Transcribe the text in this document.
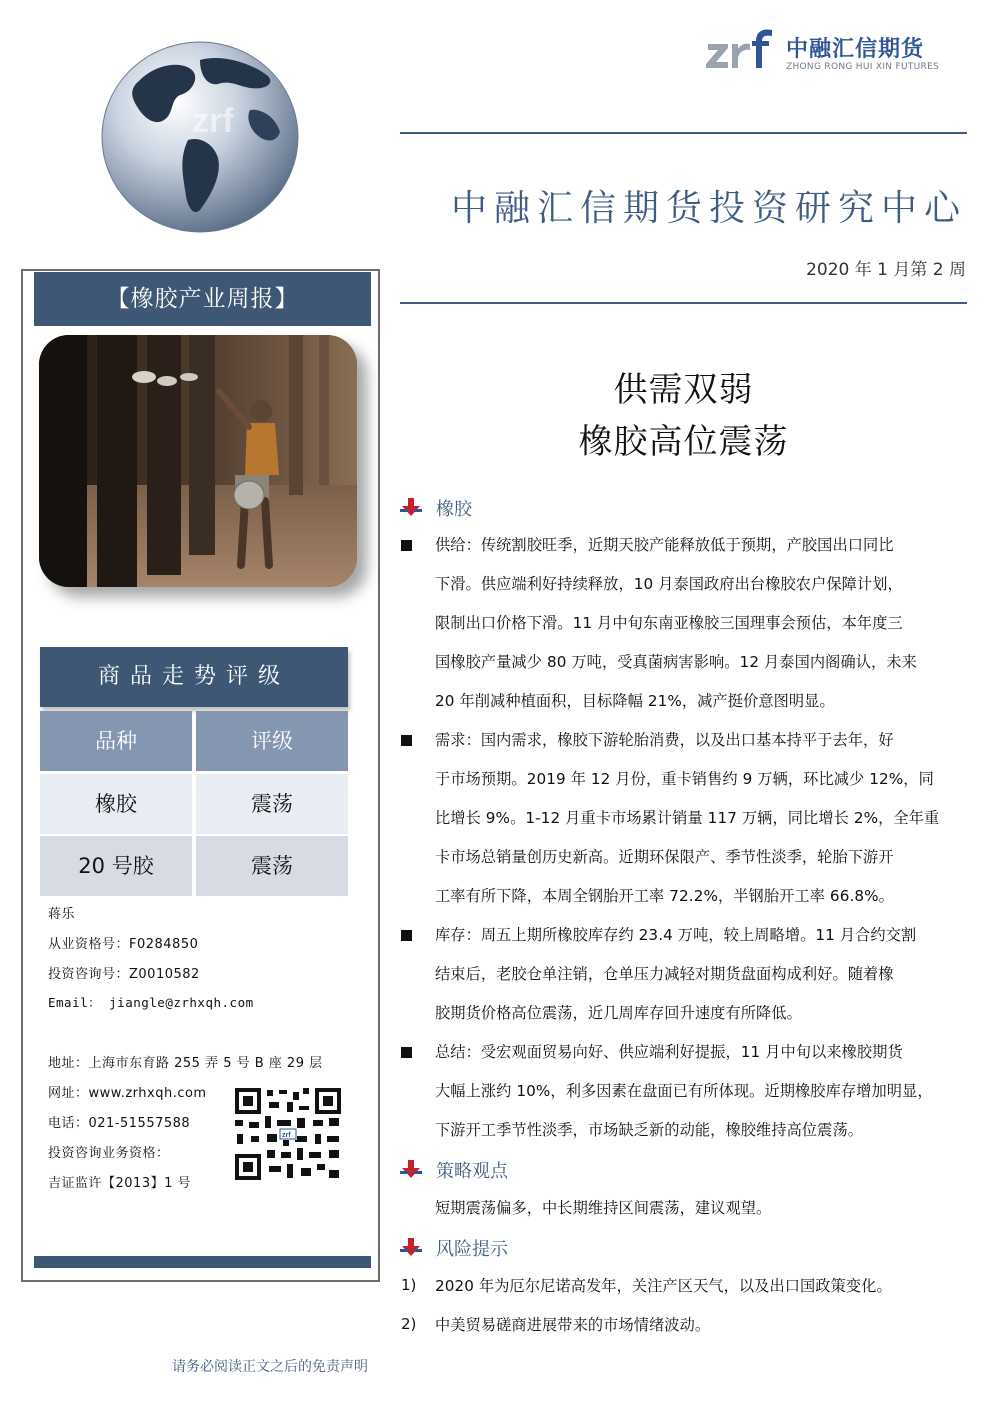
zrf
中融汇信期货
ZHONG RONG HUI XIN FUTURES
中融汇信期货投资研究中心
2020 年 1 月第 2 周
供需双弱
橡胶高位震荡
【橡胶产业周报】
商品走势评级
品种	评级
橡胶	震荡
20 号胶	震荡
蒋乐
从业资格号：F0284850
投资咨询号：Z0010582
Email： jiangle@zrhxqh.com
地址：上海市东育路 255 弄 5 号 B 座 29 层
网址：www.zrhxqh.com
电话：021-51557588
投资咨询业务资格：
吉证监许【2013】1 号
zrf
请务必阅读正文之后的免责声明
橡胶
供给：传统割胶旺季，近期天胶产能释放低于预期，产胶国出口同比
下滑。供应端利好持续释放，10 月泰国政府出台橡胶农户保障计划，
限制出口价格下滑。11 月中旬东南亚橡胶三国理事会预估，本年度三
国橡胶产量减少 80 万吨，受真菌病害影响。12 月泰国内阁确认，未来
20 年削减种植面积，目标降幅 21%，减产挺价意图明显。
需求：国内需求，橡胶下游轮胎消费，以及出口基本持平于去年，好
于市场预期。2019 年 12 月份，重卡销售约 9 万辆，环比减少 12%，同
比增长 9%。1-12 月重卡市场累计销量 117 万辆，同比增长 2%，全年重
卡市场总销量创历史新高。近期环保限产、季节性淡季，轮胎下游开
工率有所下降，本周全钢胎开工率 72.2%，半钢胎开工率 66.8%。
库存：周五上期所橡胶库存约 23.4 万吨，较上周略增。11 月合约交割
结束后，老胶仓单注销，仓单压力减轻对期货盘面构成利好。随着橡
胶期货价格高位震荡，近几周库存回升速度有所降低。
总结：受宏观面贸易向好、供应端利好提振，11 月中旬以来橡胶期货
大幅上涨约 10%，利多因素在盘面已有所体现。近期橡胶库存增加明显，
下游开工季节性淡季，市场缺乏新的动能，橡胶维持高位震荡。
策略观点
短期震荡偏多，中长期维持区间震荡，建议观望。
风险提示
1) 2020 年为厄尔尼诺高发年，关注产区天气，以及出口国政策变化。
2) 中美贸易磋商进展带来的市场情绪波动。
